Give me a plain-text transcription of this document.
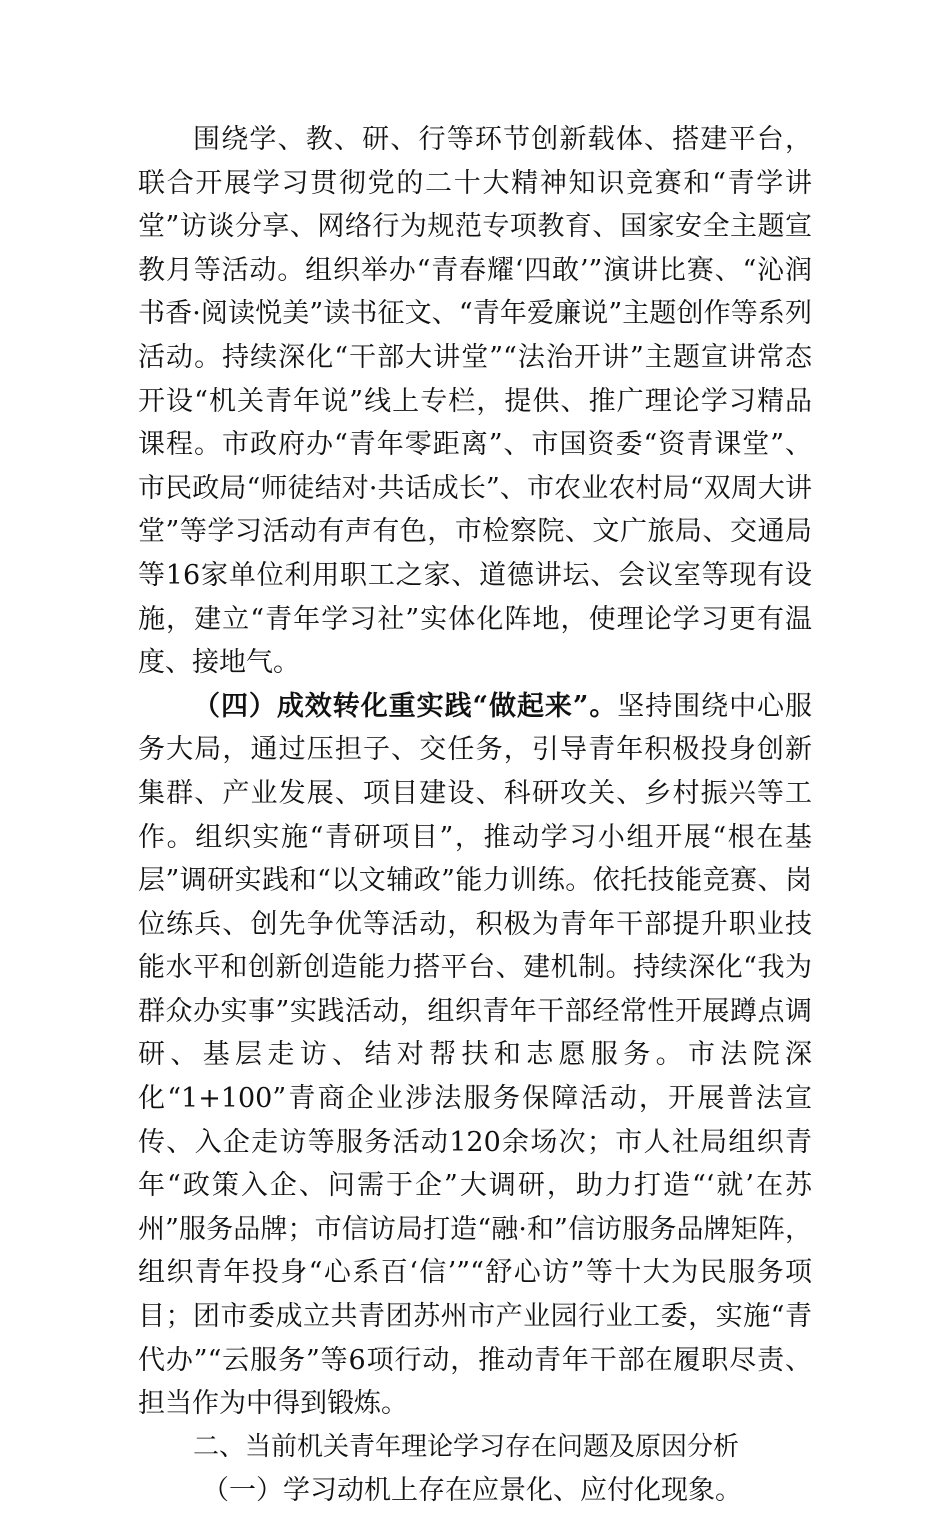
围绕学、教、研、行等环节创新载体、搭建平台，联合开展学习贯彻党的二十大精神知识竞赛和“青学讲堂”访谈分享、网络行为规范专项教育、国家安全主题宣教月等活动。组织举办“青春耀‘四敢’”演讲比赛、“沁润书香·阅读悦美”读书征文、“青年爱廉说”主题创作等系列活动。持续深化“干部大讲堂”“法治开讲”主题宣讲常态开设“机关青年说”线上专栏，提供、推广理论学习精品课程。市政府办“青年零距离”、市国资委“资青课堂”、市民政局“师徒结对·共话成长”、市农业农村局“双周大讲堂”等学习活动有声有色，市检察院、文广旅局、交通局等16家单位利用职工之家、道德讲坛、会议室等现有设施，建立“青年学习社”实体化阵地，使理论学习更有温度、接地气。

（四）成效转化重实践“做起来”。坚持围绕中心服务大局，通过压担子、交任务，引导青年积极投身创新集群、产业发展、项目建设、科研攻关、乡村振兴等工作。组织实施“青研项目”，推动学习小组开展“根在基层”调研实践和“以文辅政”能力训练。依托技能竞赛、岗位练兵、创先争优等活动，积极为青年干部提升职业技能水平和创新创造能力搭平台、建机制。持续深化“我为群众办实事”实践活动，组织青年干部经常性开展蹲点调研、基层走访、结对帮扶和志愿服务。市法院深化“1+100”青商企业涉法服务保障活动，开展普法宣传、入企走访等服务活动120余场次；市人社局组织青年“政策入企、问需于企”大调研，助力打造“‘就’在苏州”服务品牌；市信访局打造“融·和”信访服务品牌矩阵，组织青年投身“心系百‘信’”“舒心访”等十大为民服务项目；团市委成立共青团苏州市产业园行业工委，实施“青代办”“云服务”等6项行动，推动青年干部在履职尽责、担当作为中得到锻炼。

二、当前机关青年理论学习存在问题及原因分析

（一）学习动机上存在应景化、应付化现象。
